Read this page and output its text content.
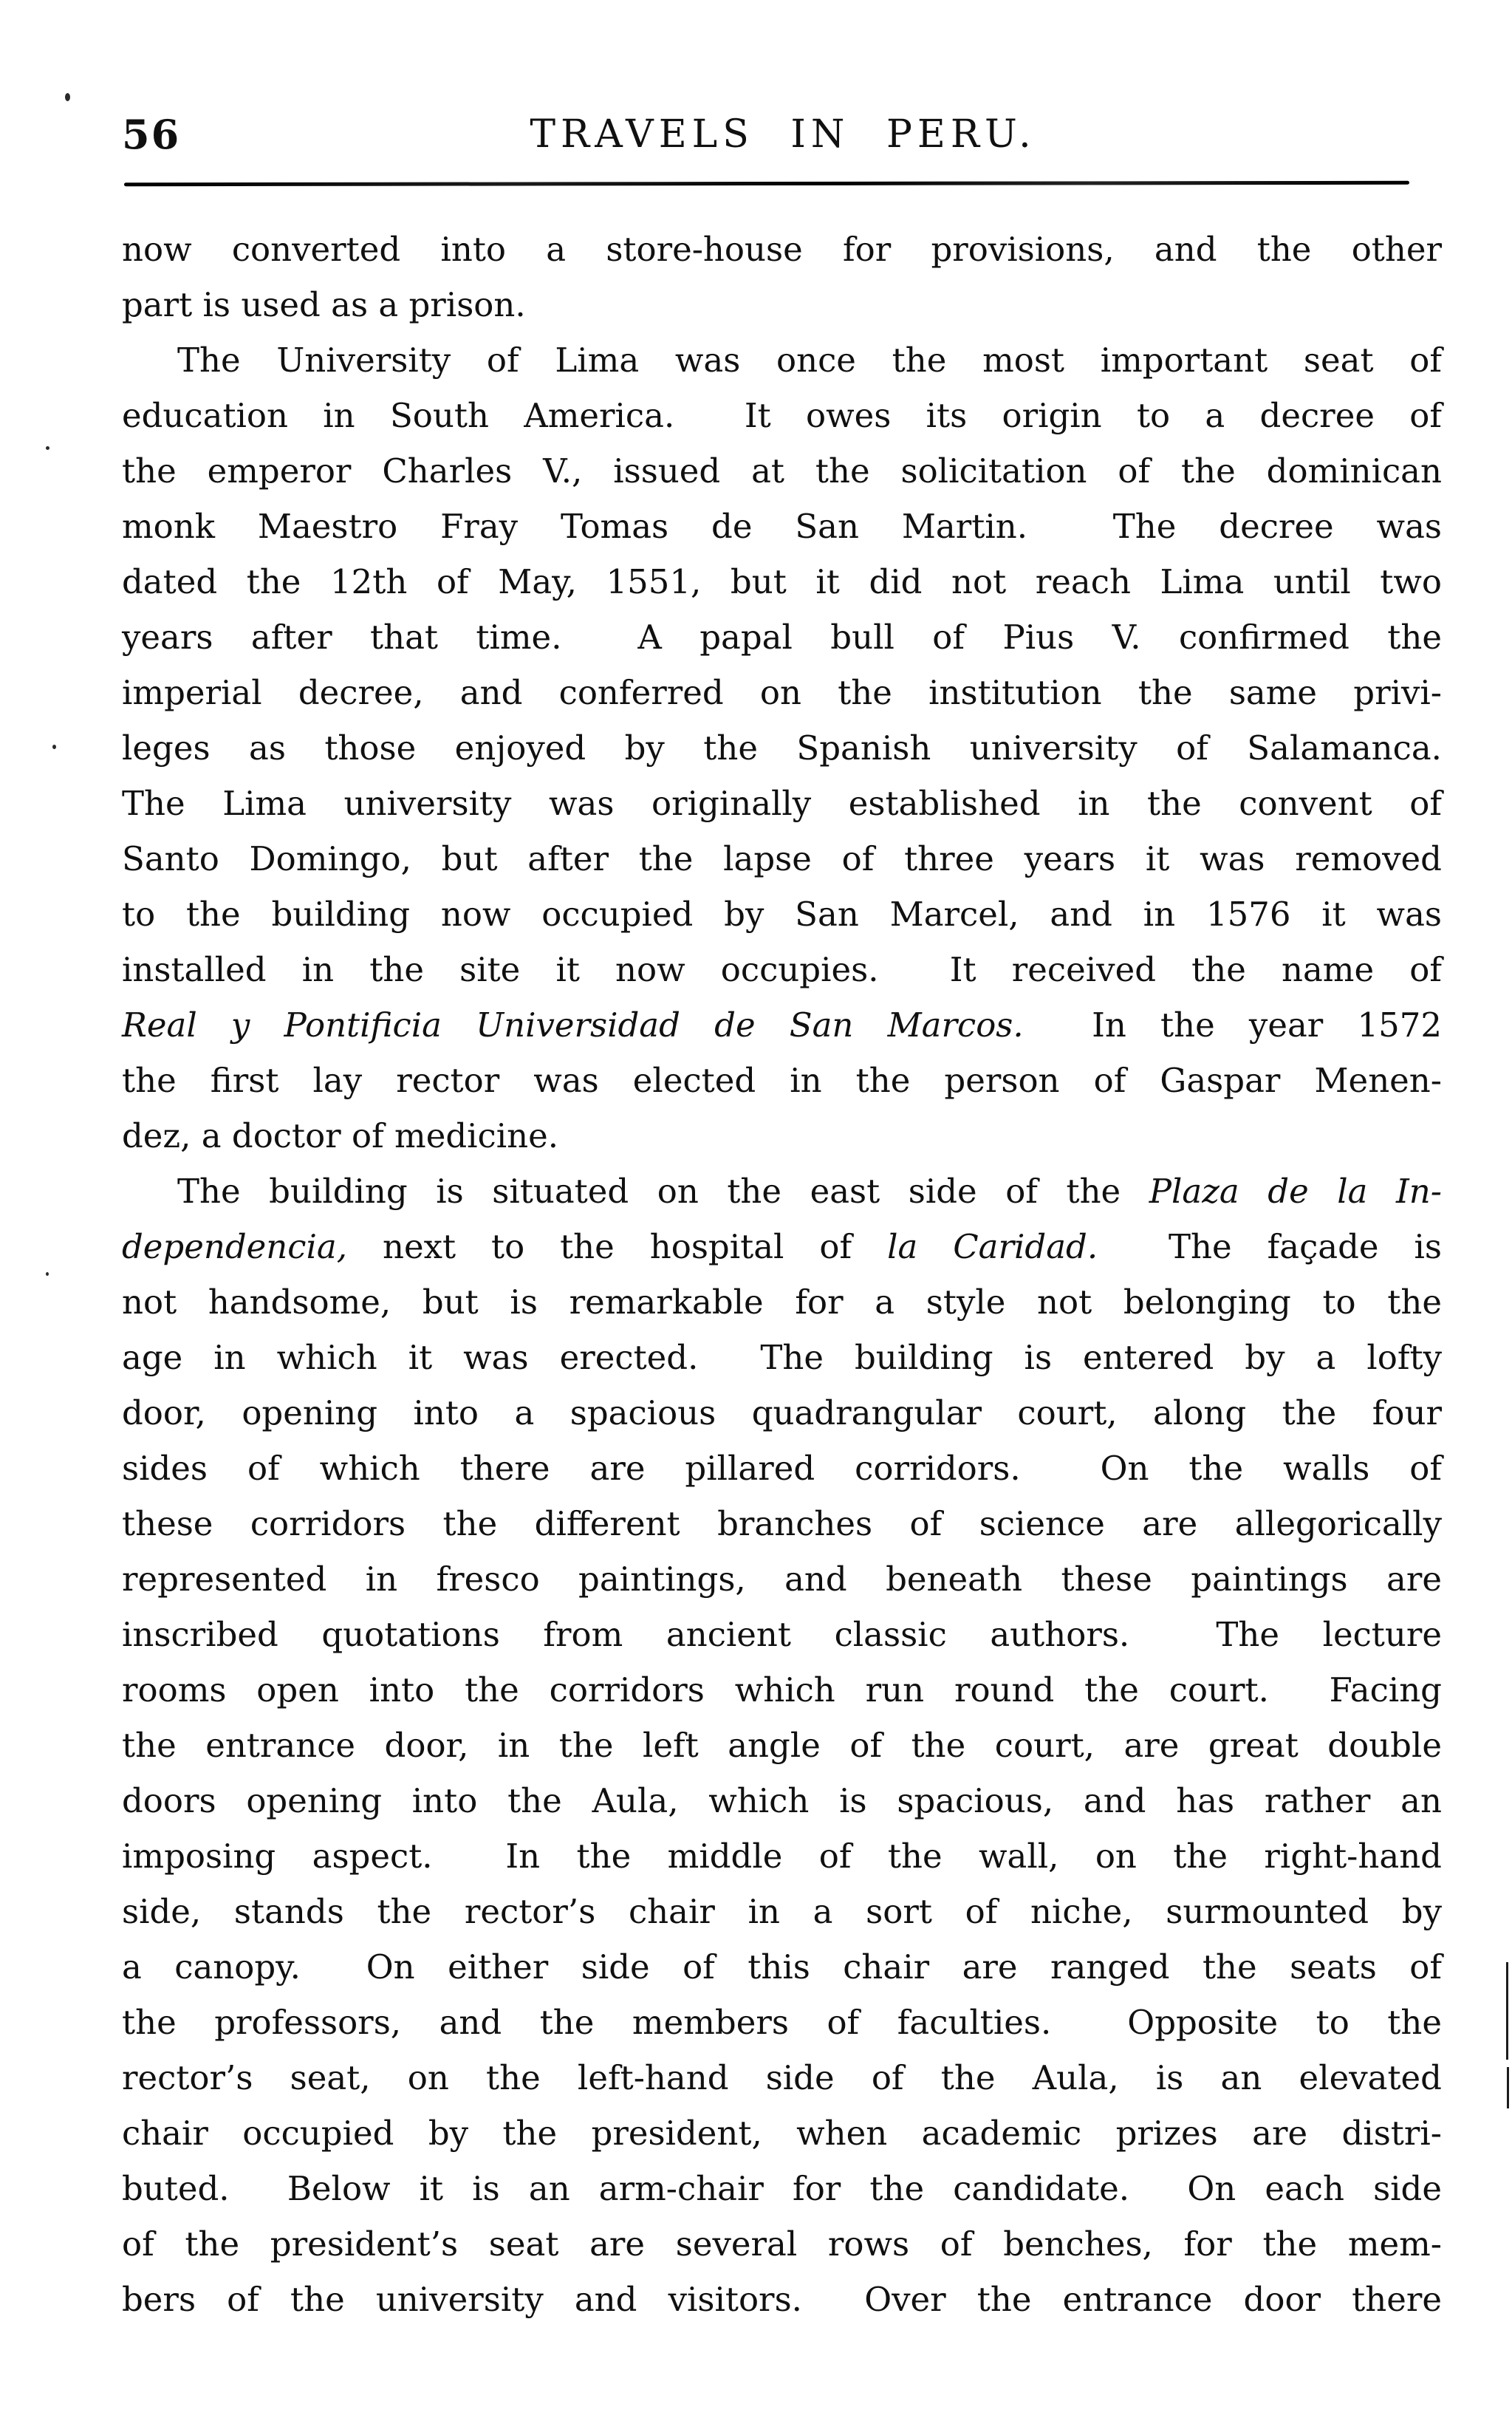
56	TRAVELS IN PERU.
now converted into a store-house for provisions, and the other
part is used as a prison.
The University of Lima was once the most important seat of
education in South America.  It owes its origin to a decree of
the emperor Charles V., issued at the solicitation of the dominican
monk Maestro Fray Tomas de San Martin.  The decree was
dated the 12th of May, 1551, but it did not reach Lima until two
years after that time.  A papal bull of Pius V. confirmed the
imperial decree, and conferred on the institution the same privi-
leges as those enjoyed by the Spanish university of Salamanca.
The Lima university was originally established in the convent of
Santo Domingo, but after the lapse of three years it was removed
to the building now occupied by San Marcel, and in 1576 it was
installed in the site it now occupies.  It received the name of
Real y Pontificia Universidad de San Marcos.  In the year 1572
the first lay rector was elected in the person of Gaspar Menen-
dez, a doctor of medicine.
The building is situated on the east side of the Plaza de la In-
dependencia, next to the hospital of la Caridad.  The façade is
not handsome, but is remarkable for a style not belonging to the
age in which it was erected.  The building is entered by a lofty
door, opening into a spacious quadrangular court, along the four
sides of which there are pillared corridors.  On the walls of
these corridors the different branches of science are allegorically
represented in fresco paintings, and beneath these paintings are
inscribed quotations from ancient classic authors.  The lecture
rooms open into the corridors which run round the court.  Facing
the entrance door, in the left angle of the court, are great double
doors opening into the Aula, which is spacious, and has rather an
imposing aspect.  In the middle of the wall, on the right-hand
side, stands the rector’s chair in a sort of niche, surmounted by
a canopy.  On either side of this chair are ranged the seats of
the professors, and the members of faculties.  Opposite to the
rector’s seat, on the left-hand side of the Aula, is an elevated
chair occupied by the president, when academic prizes are distri-
buted.  Below it is an arm-chair for the candidate.  On each side
of the president’s seat are several rows of benches, for the mem-
bers of the university and visitors.  Over the entrance door there
